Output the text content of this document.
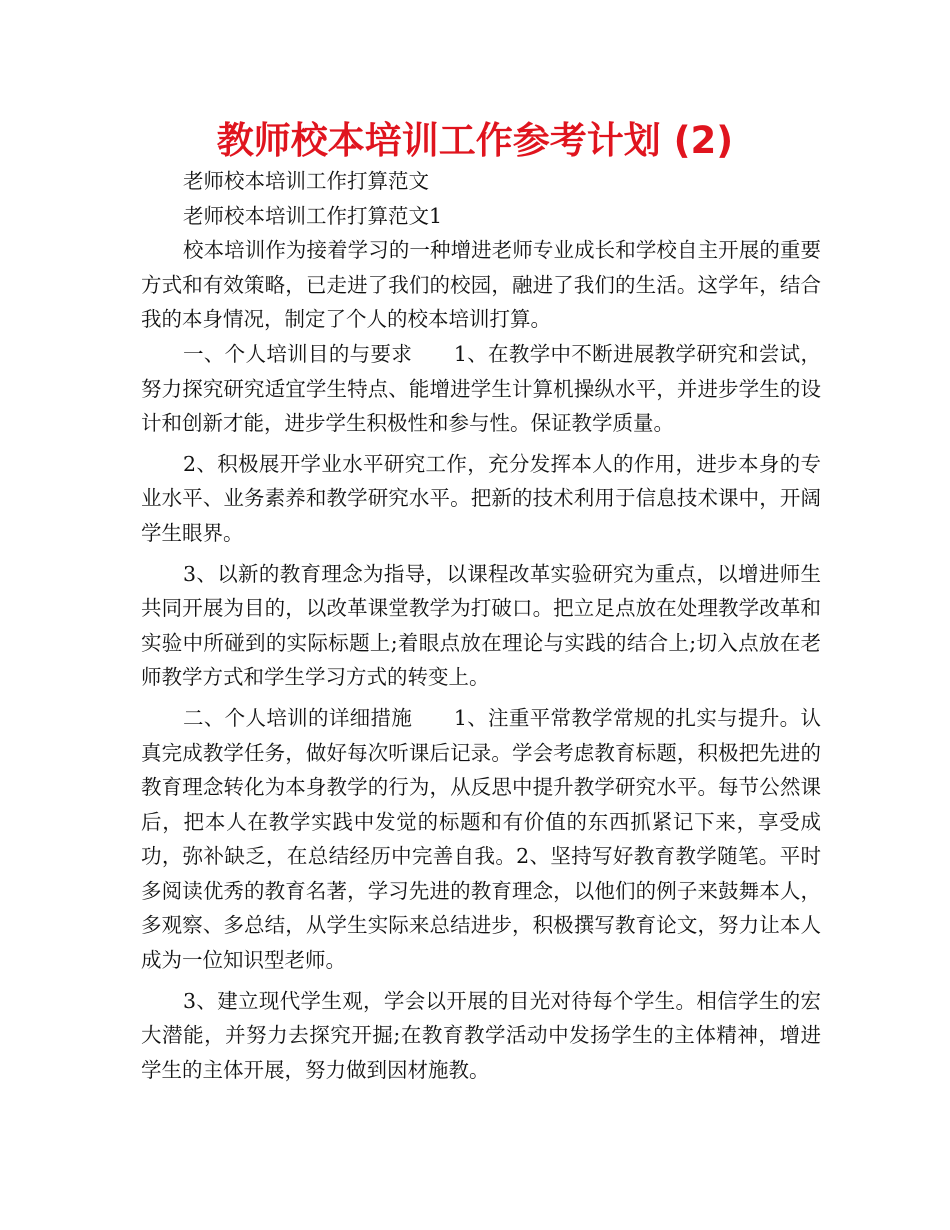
教师校本培训工作参考计划 (2)

老师校本培训工作打算范文

老师校本培训工作打算范文1

校本培训作为接着学习的一种增进老师专业成长和学校自主开展的重要方式和有效策略，已走进了我们的校园，融进了我们的生活。这学年，结合我的本身情况，制定了个人的校本培训打算。

一、个人培训目的与要求　　1、在教学中不断进展教学研究和尝试，努力探究研究适宜学生特点、能增进学生计算机操纵水平，并进步学生的设计和创新才能，进步学生积极性和参与性。保证教学质量。

2、积极展开学业水平研究工作，充分发挥本人的作用，进步本身的专业水平、业务素养和教学研究水平。把新的技术利用于信息技术课中，开阔学生眼界。

3、以新的教育理念为指导，以课程改革实验研究为重点，以增进师生共同开展为目的，以改革课堂教学为打破口。把立足点放在处理教学改革和实验中所碰到的实际标题上;着眼点放在理论与实践的结合上;切入点放在老师教学方式和学生学习方式的转变上。

二、个人培训的详细措施　　1、注重平常教学常规的扎实与提升。认真完成教学任务，做好每次听课后记录。学会考虑教育标题，积极把先进的教育理念转化为本身教学的行为，从反思中提升教学研究水平。每节公然课后，把本人在教学实践中发觉的标题和有价值的东西抓紧记下来，享受成功，弥补缺乏，在总结经历中完善自我。2、坚持写好教育教学随笔。平时多阅读优秀的教育名著，学习先进的教育理念，以他们的例子来鼓舞本人，多观察、多总结，从学生实际来总结进步，积极撰写教育论文，努力让本人成为一位知识型老师。

3、建立现代学生观，学会以开展的目光对待每个学生。相信学生的宏大潜能，并努力去探究开掘;在教育教学活动中发扬学生的主体精神，增进学生的主体开展，努力做到因材施教。
